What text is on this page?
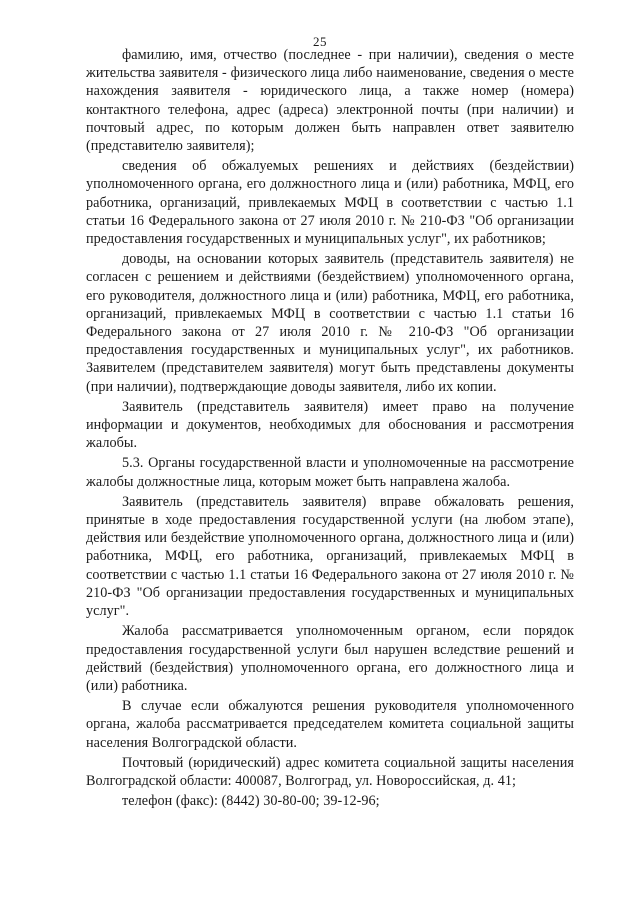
25

фамилию, имя, отчество (последнее - при наличии), сведения о месте жительства заявителя - физического лица либо наименование, сведения о месте нахождения заявителя - юридического лица, а также номер (номера) контактного телефона, адрес (адреса) электронной почты (при наличии) и почтовый адрес, по которым должен быть направлен ответ заявителю (представителю заявителя);

сведения об обжалуемых решениях и действиях (бездействии) уполномоченного органа, его должностного лица и (или) работника, МФЦ, его работника, организаций, привлекаемых МФЦ в соответствии с частью 1.1 статьи 16 Федерального закона от 27 июля 2010 г. № 210-ФЗ "Об организации предоставления государственных и муниципальных услуг", их работников;

доводы, на основании которых заявитель (представитель заявителя) не согласен с решением и действиями (бездействием) уполномоченного органа, его руководителя, должностного лица и (или) работника, МФЦ, его работника, организаций, привлекаемых МФЦ в соответствии с частью 1.1 статьи 16 Федерального закона от 27 июля 2010 г. № 210-ФЗ "Об организации предоставления государственных и муниципальных услуг", их работников. Заявителем (представителем заявителя) могут быть представлены документы (при наличии), подтверждающие доводы заявителя, либо их копии.

Заявитель (представитель заявителя) имеет право на получение информации и документов, необходимых для обоснования и рассмотрения жалобы.

5.3. Органы государственной власти и уполномоченные на рассмотрение жалобы должностные лица, которым может быть направлена жалоба.

Заявитель (представитель заявителя) вправе обжаловать решения, принятые в ходе предоставления государственной услуги (на любом этапе), действия или бездействие уполномоченного органа, должностного лица и (или) работника, МФЦ, его работника, организаций, привлекаемых МФЦ в соответствии с частью 1.1 статьи 16 Федерального закона от 27 июля 2010 г. № 210-ФЗ "Об организации предоставления государственных и муниципальных услуг".

Жалоба рассматривается уполномоченным органом, если порядок предоставления государственной услуги был нарушен вследствие решений и действий (бездействия) уполномоченного органа, его должностного лица и (или) работника.

В случае если обжалуются решения руководителя уполномоченного органа, жалоба рассматривается председателем комитета социальной защиты населения Волгоградской области.

Почтовый (юридический) адрес комитета социальной защиты населения Волгоградской области: 400087, Волгоград, ул. Новороссийская, д. 41;

телефон (факс): (8442) 30-80-00; 39-12-96;
